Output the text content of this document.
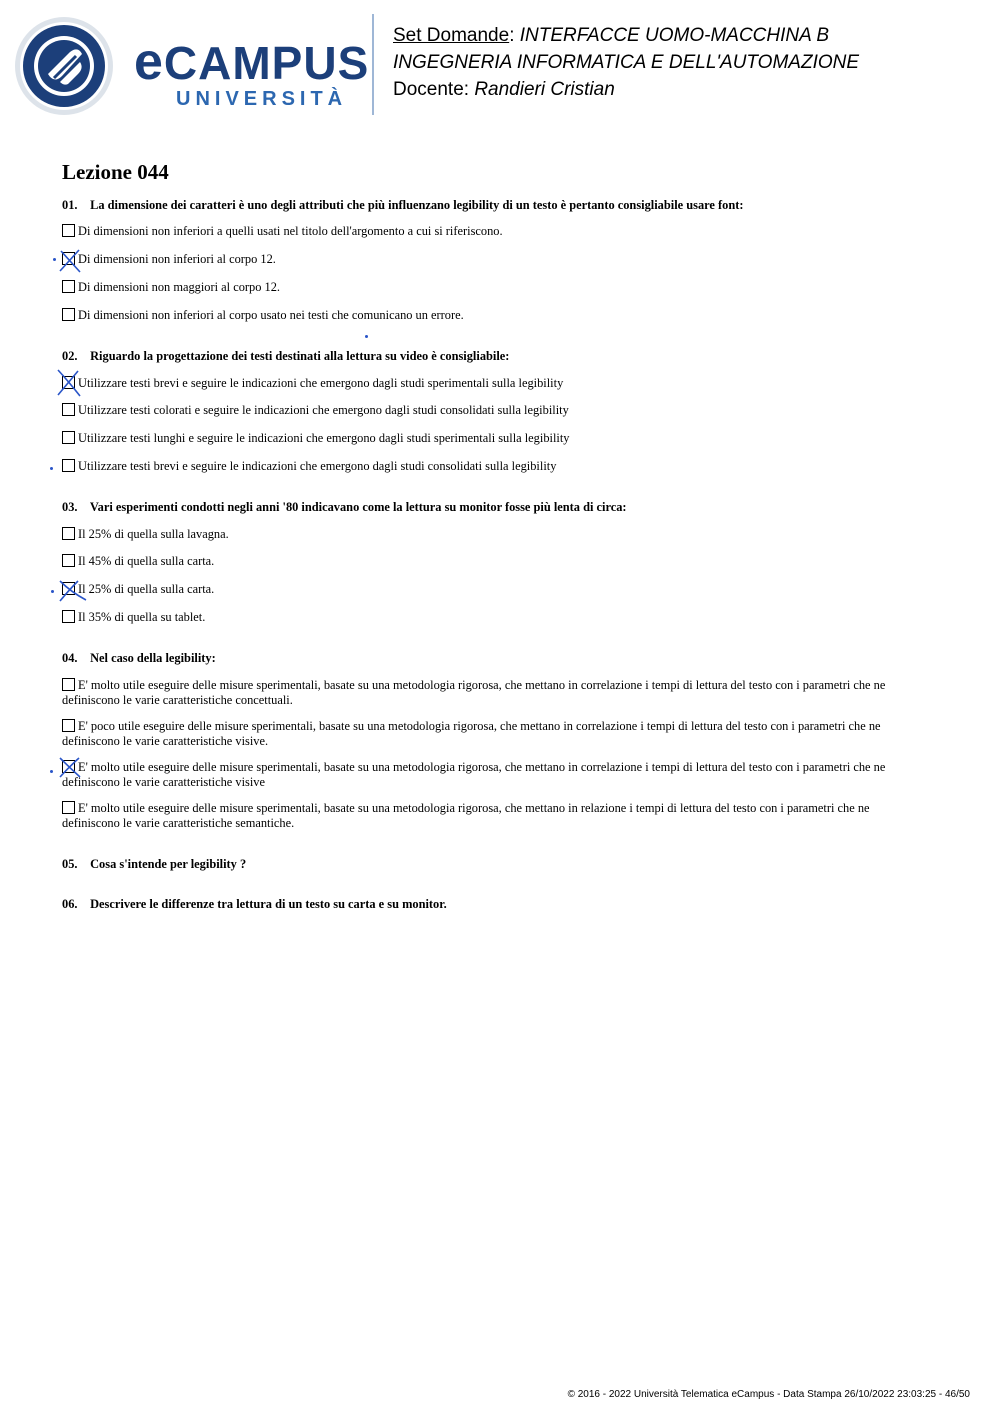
eCAMPUS
UNIVERSITÀ
Set Domande: INTERFACCE UOMO-MACCHINA B
INGEGNERIA INFORMATICA E DELL'AUTOMAZIONE
Docente: Randieri Cristian
Lezione 044
01. La dimensione dei caratteri è uno degli attributi che più influenzano legibility di un testo è pertanto consigliabile usare font:
Di dimensioni non inferiori a quelli usati nel titolo dell'argomento a cui si riferiscono.
Di dimensioni non inferiori al corpo 12.
Di dimensioni non maggiori al corpo 12.
Di dimensioni non inferiori al corpo usato nei testi che comunicano un errore.
02. Riguardo la progettazione dei testi destinati alla lettura su video è consigliabile:
Utilizzare testi brevi e seguire le indicazioni che emergono dagli studi sperimentali sulla legibility
Utilizzare testi colorati e seguire le indicazioni che emergono dagli studi consolidati sulla legibility
Utilizzare testi lunghi e seguire le indicazioni che emergono dagli studi sperimentali sulla legibility
Utilizzare testi brevi e seguire le indicazioni che emergono dagli studi consolidati sulla legibility
03. Vari esperimenti condotti negli anni '80 indicavano come la lettura su monitor fosse più lenta di circa:
Il 25% di quella sulla lavagna.
Il 45% di quella sulla carta.
Il 25% di quella sulla carta.
Il 35% di quella su tablet.
04. Nel caso della legibility:
E' molto utile eseguire delle misure sperimentali, basate su una metodologia rigorosa, che mettano in correlazione i tempi di lettura del testo con i parametri che ne definiscono le varie caratteristiche concettuali.
E' poco utile eseguire delle misure sperimentali, basate su una metodologia rigorosa, che mettano in correlazione i tempi di lettura del testo con i parametri che ne definiscono le varie caratteristiche visive.
E' molto utile eseguire delle misure sperimentali, basate su una metodologia rigorosa, che mettano in correlazione i tempi di lettura del testo con i parametri che ne definiscono le varie caratteristiche visive
E' molto utile eseguire delle misure sperimentali, basate su una metodologia rigorosa, che mettano in relazione i tempi di lettura del testo con i parametri che ne definiscono le varie caratteristiche semantiche.
05. Cosa s'intende per legibility ?
06. Descrivere le differenze tra lettura di un testo su carta e su monitor.
© 2016 - 2022 Università Telematica eCampus - Data Stampa 26/10/2022 23:03:25 - 46/50
